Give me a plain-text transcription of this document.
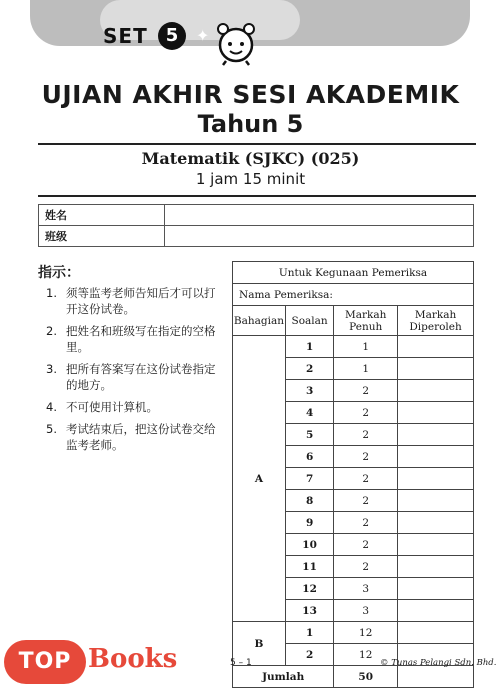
SET	5	✦
UJIAN AKHIR SESI AKADEMIK
Tahun 5
Matematik (SJKC) (025)
1 jam 15 minit
姓名	
班级	
指示：
1. 须等监考老师告知后才可以打开这份试卷。
2. 把姓名和班级写在指定的空格里。
3. 把所有答案写在这份试卷指定的地方。
4. 不可使用计算机。
5. 考试结束后，把这份试卷交给监考老师。
Untuk Kegunaan Pemeriksa			
Nama Pemeriksa:			
Bahagian	Soalan	Markah Penuh	Markah Diperoleh
A	1	1	
	2	1	
	3	2	
	4	2	
	5	2	
	6	2	
	7	2	
	8	2	
	9	2	
	10	2	
	11	2	
	12	3	
	13	3	
B	1	12	
	2	12	
Jumlah		50	
5 – 1	© Tunas Pelangi Sdn. Bhd.
TOP Books
